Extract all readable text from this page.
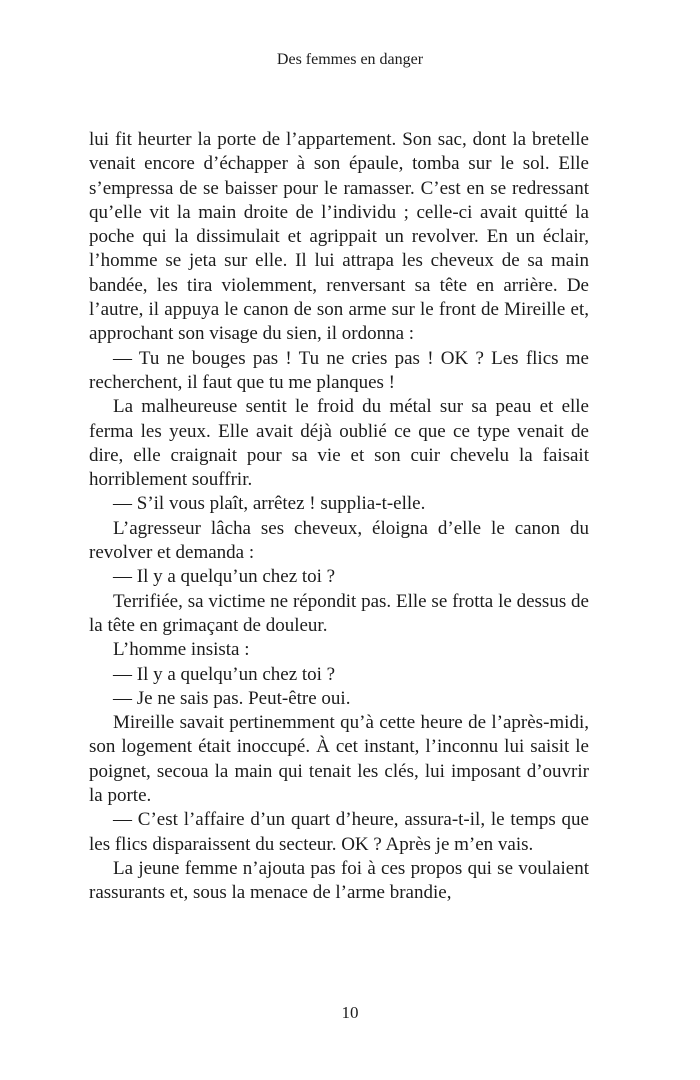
Des femmes en danger

lui fit heurter la porte de l’appartement. Son sac, dont la bretelle venait encore d’échapper à son épaule, tomba sur le sol. Elle s’empressa de se baisser pour le ramasser. C’est en se redressant qu’elle vit la main droite de l’individu ; celle-ci avait quitté la poche qui la dissimulait et agrippait un revolver. En un éclair, l’homme se jeta sur elle. Il lui attrapa les cheveux de sa main bandée, les tira violemment, renversant sa tête en arrière. De l’autre, il appuya le canon de son arme sur le front de Mireille et, approchant son visage du sien, il ordonna :

— Tu ne bouges pas ! Tu ne cries pas ! OK ? Les flics me recherchent, il faut que tu me planques !

La malheureuse sentit le froid du métal sur sa peau et elle ferma les yeux. Elle avait déjà oublié ce que ce type venait de dire, elle craignait pour sa vie et son cuir chevelu la faisait horriblement souffrir.

— S’il vous plaît, arrêtez ! supplia-t-elle.

L’agresseur lâcha ses cheveux, éloigna d’elle le canon du revolver et demanda :

— Il y a quelqu’un chez toi ?

Terrifiée, sa victime ne répondit pas. Elle se frotta le dessus de la tête en grimaçant de douleur.

L’homme insista :

— Il y a quelqu’un chez toi ?

— Je ne sais pas. Peut-être oui.

Mireille savait pertinemment qu’à cette heure de l’après-midi, son logement était inoccupé. À cet instant, l’inconnu lui saisit le poignet, secoua la main qui tenait les clés, lui imposant d’ouvrir la porte.

— C’est l’affaire d’un quart d’heure, assura-t-il, le temps que les flics disparaissent du secteur. OK ? Après je m’en vais.

La jeune femme n’ajouta pas foi à ces propos qui se voulaient rassurants et, sous la menace de l’arme brandie,

10
